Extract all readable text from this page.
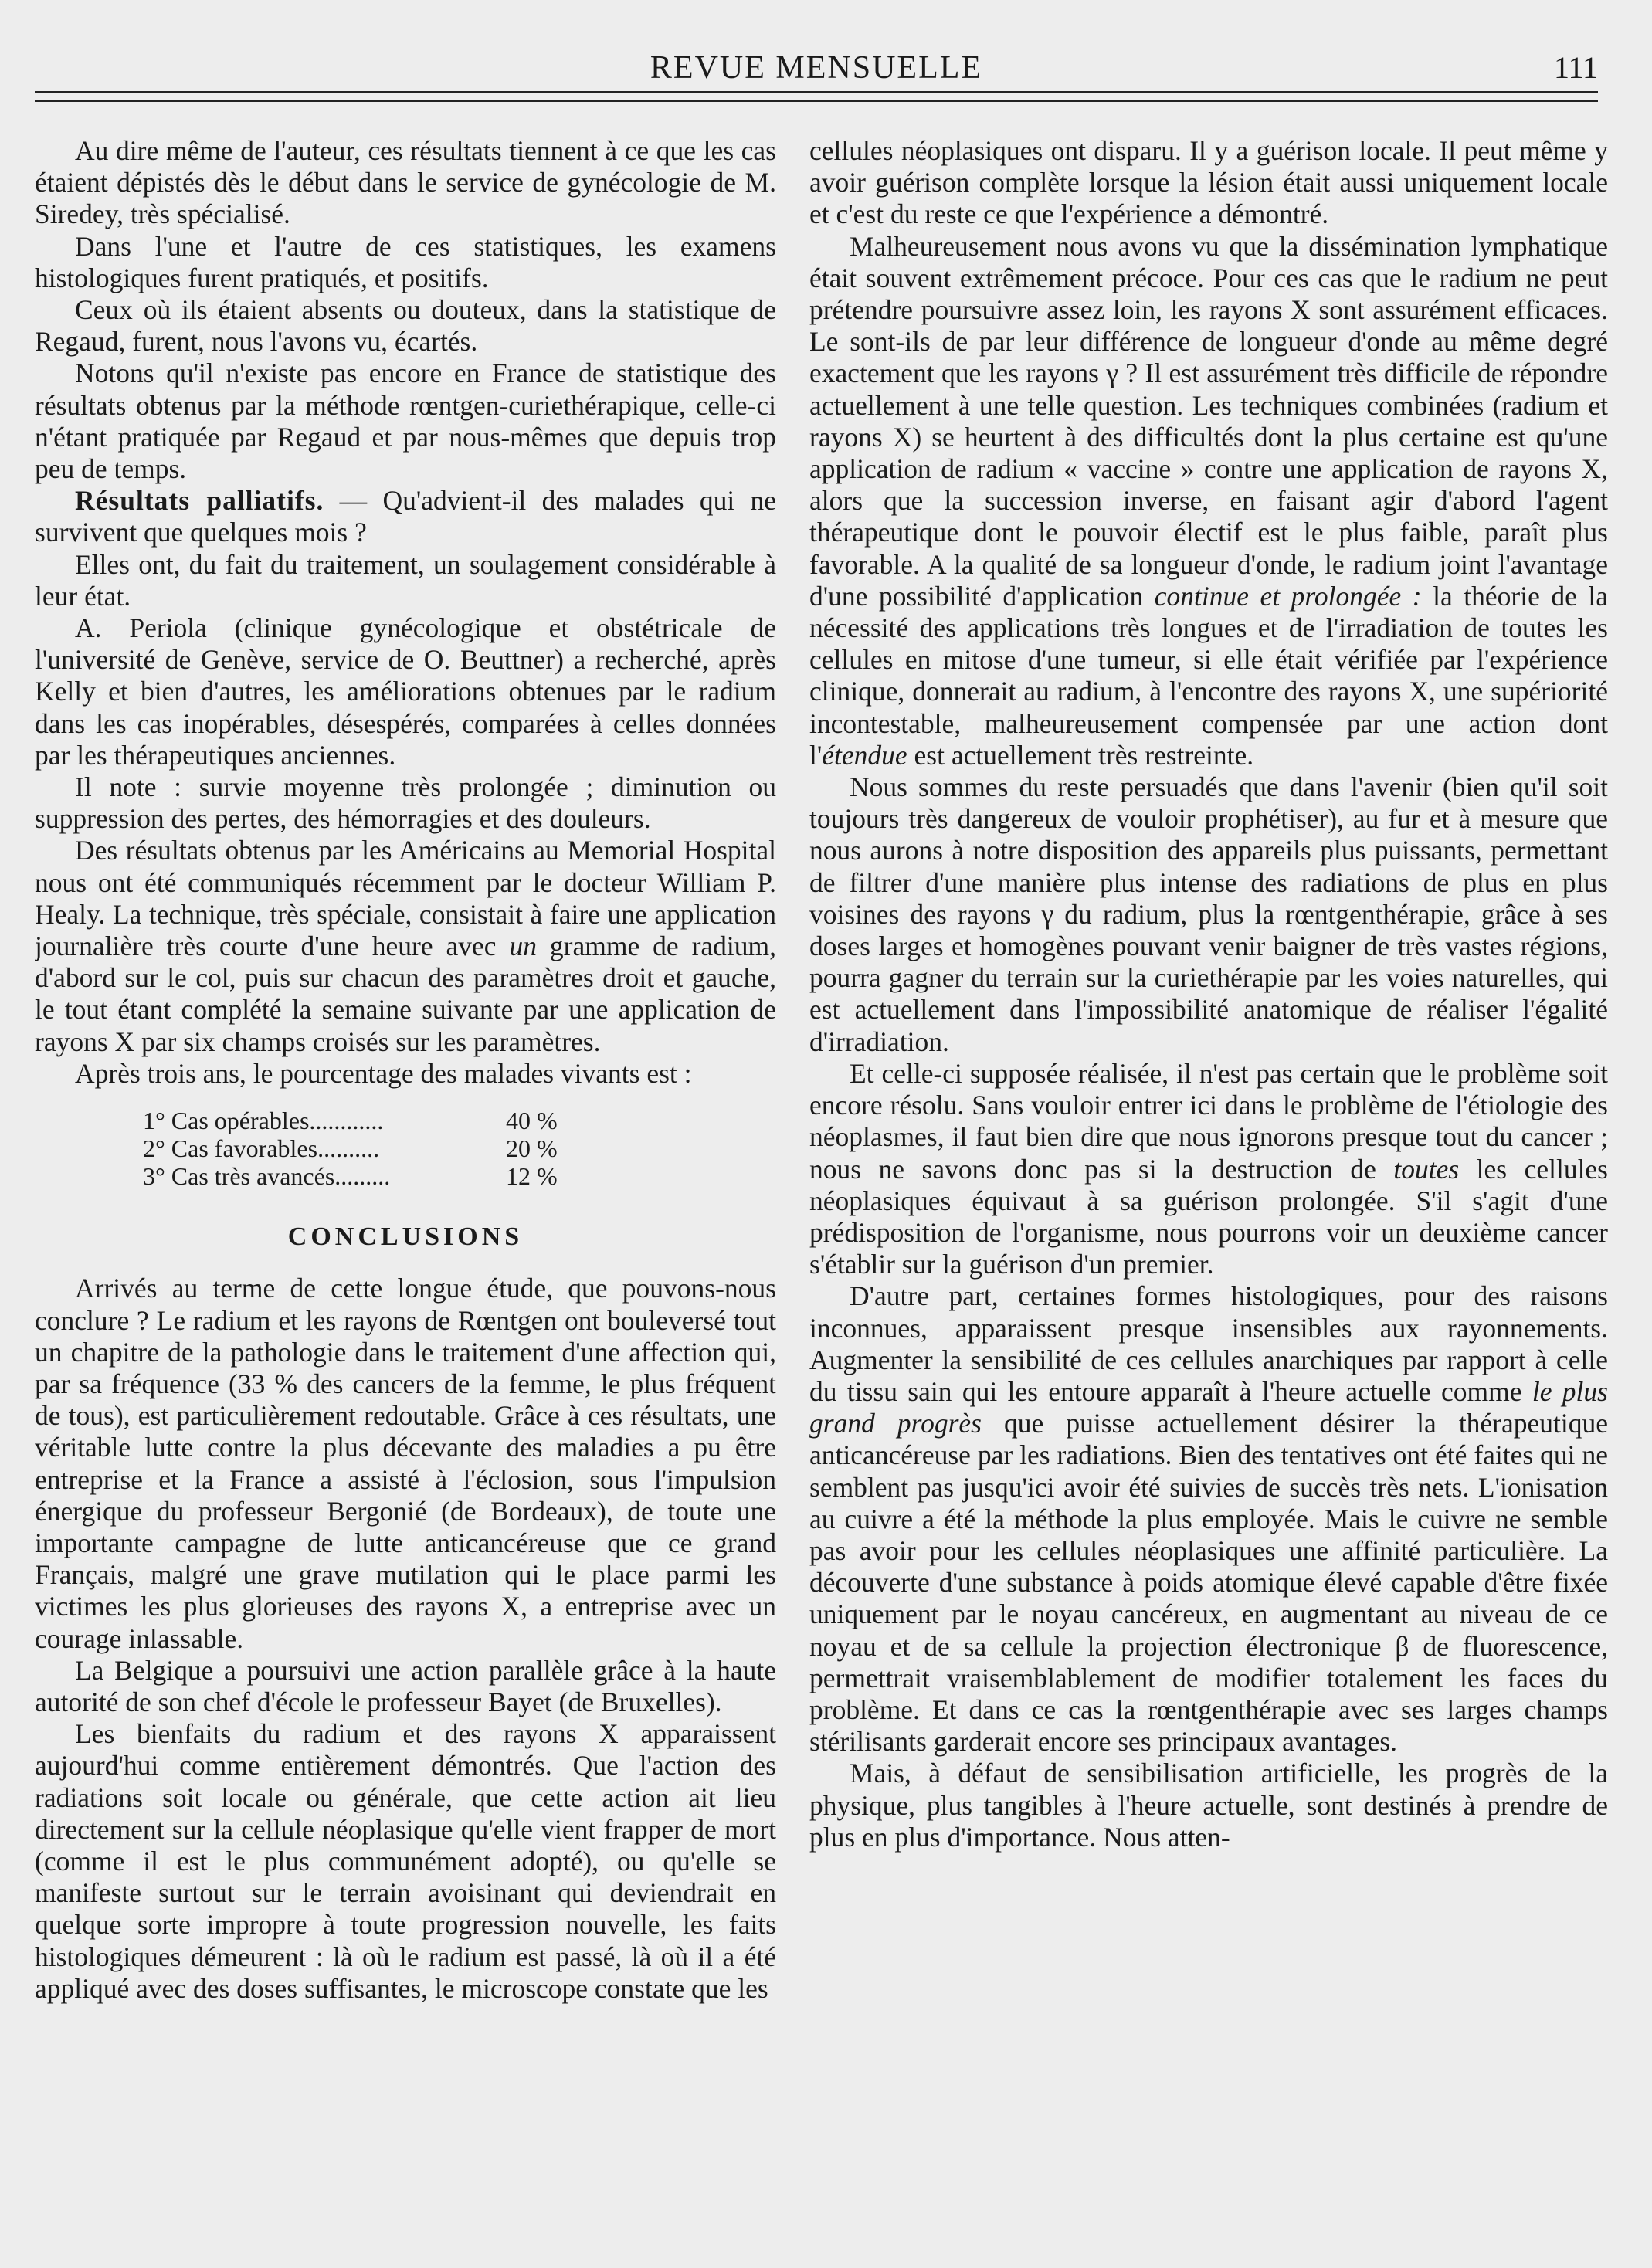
REVUE MENSUELLE	111

Au dire même de l'auteur, ces résultats tiennent à ce que les cas étaient dépistés dès le début dans le service de gynécologie de M. Siredey, très spécialisé.

Dans l'une et l'autre de ces statistiques, les examens histologiques furent pratiqués, et positifs.

Ceux où ils étaient absents ou douteux, dans la statistique de Regaud, furent, nous l'avons vu, écartés.

Notons qu'il n'existe pas encore en France de statistique des résultats obtenus par la méthode rœntgen-curiethérapique, celle-ci n'étant pratiquée par Regaud et par nous-mêmes que depuis trop peu de temps.

Résultats palliatifs. — Qu'advient-il des malades qui ne survivent que quelques mois ?

Elles ont, du fait du traitement, un soulagement considérable à leur état.

A. Periola (clinique gynécologique et obstétricale de l'université de Genève, service de O. Beuttner) a recherché, après Kelly et bien d'autres, les améliorations obtenues par le radium dans les cas inopérables, désespérés, comparées à celles données par les thérapeutiques anciennes.

Il note : survie moyenne très prolongée ; diminution ou suppression des pertes, des hémorragies et des douleurs.

Des résultats obtenus par les Américains au Memorial Hospital nous ont été communiqués récemment par le docteur William P. Healy. La technique, très spéciale, consistait à faire une application journalière très courte d'une heure avec un gramme de radium, d'abord sur le col, puis sur chacun des paramètres droit et gauche, le tout étant complété la semaine suivante par une application de rayons X par six champs croisés sur les paramètres.

Après trois ans, le pourcentage des malades vivants est :

1° Cas opérables............	40 %
2° Cas favorables..........	20 %
3° Cas très avancés.........	12 %
CONCLUSIONS

Arrivés au terme de cette longue étude, que pouvons-nous conclure ? Le radium et les rayons de Rœntgen ont bouleversé tout un chapitre de la pathologie dans le traitement d'une affection qui, par sa fréquence (33 % des cancers de la femme, le plus fréquent de tous), est particulièrement redoutable. Grâce à ces résultats, une véritable lutte contre la plus décevante des maladies a pu être entreprise et la France a assisté à l'éclosion, sous l'impulsion énergique du professeur Bergonié (de Bordeaux), de toute une importante campagne de lutte anticancéreuse que ce grand Français, malgré une grave mutilation qui le place parmi les victimes les plus glorieuses des rayons X, a entreprise avec un courage inlassable.

La Belgique a poursuivi une action parallèle grâce à la haute autorité de son chef d'école le professeur Bayet (de Bruxelles).

Les bienfaits du radium et des rayons X apparaissent aujourd'hui comme entièrement démontrés. Que l'action des radiations soit locale ou générale, que cette action ait lieu directement sur la cellule néoplasique qu'elle vient frapper de mort (comme il est le plus communément adopté), ou qu'elle se manifeste surtout sur le terrain avoisinant qui deviendrait en quelque sorte impropre à toute progression nouvelle, les faits histologiques démeurent : là où le radium est passé, là où il a été appliqué avec des doses suffisantes, le microscope constate que les

cellules néoplasiques ont disparu. Il y a guérison locale. Il peut même y avoir guérison complète lorsque la lésion était aussi uniquement locale et c'est du reste ce que l'expérience a démontré.

Malheureusement nous avons vu que la dissémination lymphatique était souvent extrêmement précoce. Pour ces cas que le radium ne peut prétendre poursuivre assez loin, les rayons X sont assurément efficaces. Le sont-ils de par leur différence de longueur d'onde au même degré exactement que les rayons γ ? Il est assurément très difficile de répondre actuellement à une telle question. Les techniques combinées (radium et rayons X) se heurtent à des difficultés dont la plus certaine est qu'une application de radium « vaccine » contre une application de rayons X, alors que la succession inverse, en faisant agir d'abord l'agent thérapeutique dont le pouvoir électif est le plus faible, paraît plus favorable. A la qualité de sa longueur d'onde, le radium joint l'avantage d'une possibilité d'application continue et prolongée : la théorie de la nécessité des applications très longues et de l'irradiation de toutes les cellules en mitose d'une tumeur, si elle était vérifiée par l'expérience clinique, donnerait au radium, à l'encontre des rayons X, une supériorité incontestable, malheureusement compensée par une action dont l'étendue est actuellement très restreinte.

Nous sommes du reste persuadés que dans l'avenir (bien qu'il soit toujours très dangereux de vouloir prophétiser), au fur et à mesure que nous aurons à notre disposition des appareils plus puissants, permettant de filtrer d'une manière plus intense des radiations de plus en plus voisines des rayons γ du radium, plus la rœntgenthérapie, grâce à ses doses larges et homogènes pouvant venir baigner de très vastes régions, pourra gagner du terrain sur la curiethérapie par les voies naturelles, qui est actuellement dans l'impossibilité anatomique de réaliser l'égalité d'irradiation.

Et celle-ci supposée réalisée, il n'est pas certain que le problème soit encore résolu. Sans vouloir entrer ici dans le problème de l'étiologie des néoplasmes, il faut bien dire que nous ignorons presque tout du cancer ; nous ne savons donc pas si la destruction de toutes les cellules néoplasiques équivaut à sa guérison prolongée. S'il s'agit d'une prédisposition de l'organisme, nous pourrons voir un deuxième cancer s'établir sur la guérison d'un premier.

D'autre part, certaines formes histologiques, pour des raisons inconnues, apparaissent presque insensibles aux rayonnements. Augmenter la sensibilité de ces cellules anarchiques par rapport à celle du tissu sain qui les entoure apparaît à l'heure actuelle comme le plus grand progrès que puisse actuellement désirer la thérapeutique anticancéreuse par les radiations. Bien des tentatives ont été faites qui ne semblent pas jusqu'ici avoir été suivies de succès très nets. L'ionisation au cuivre a été la méthode la plus employée. Mais le cuivre ne semble pas avoir pour les cellules néoplasiques une affinité particulière. La découverte d'une substance à poids atomique élevé capable d'être fixée uniquement par le noyau cancéreux, en augmentant au niveau de ce noyau et de sa cellule la projection électronique β de fluorescence, permettrait vraisemblablement de modifier totalement les faces du problème. Et dans ce cas la rœntgenthérapie avec ses larges champs stérilisants garderait encore ses principaux avantages.

Mais, à défaut de sensibilisation artificielle, les progrès de la physique, plus tangibles à l'heure actuelle, sont destinés à prendre de plus en plus d'importance. Nous atten-
